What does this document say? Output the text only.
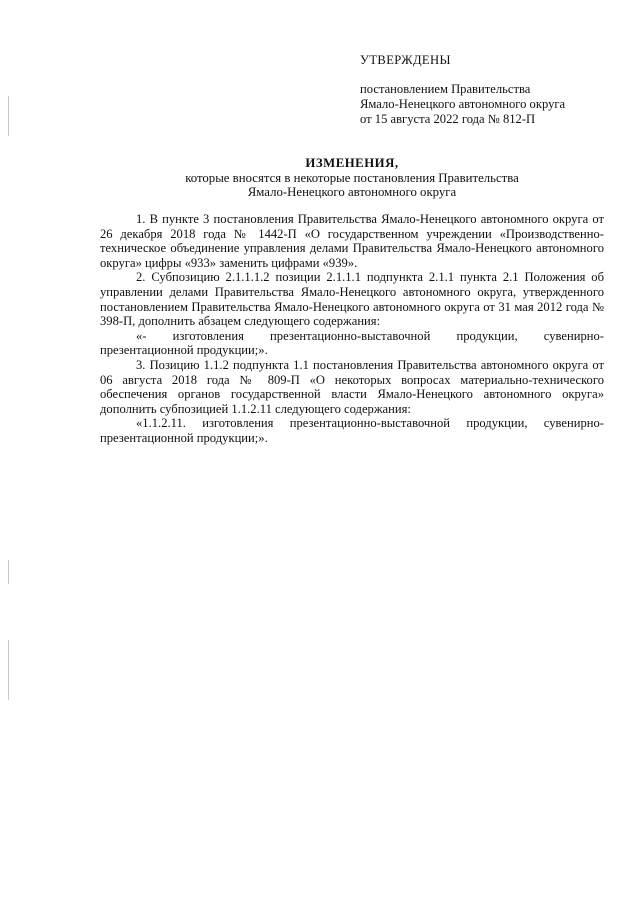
УТВЕРЖДЕНЫ
постановлением Правительства
Ямало-Ненецкого автономного округа
от 15 августа 2022 года № 812-П
ИЗМЕНЕНИЯ,
которые вносятся в некоторые постановления Правительства
Ямало-Ненецкого автономного округа

1. В пункте 3 постановления Правительства Ямало-Ненецкого автономного округа от 26 декабря 2018 года № 1442-П «О государственном учреждении «Производственно-техническое объединение управления делами Правительства Ямало-Ненецкого автономного округа» цифры «933» заменить цифрами «939».

2. Субпозицию 2.1.1.1.2 позиции 2.1.1.1 подпункта 2.1.1 пункта 2.1 Положения об управлении делами Правительства Ямало-Ненецкого автономного округа, утвержденного постановлением Правительства Ямало-Ненецкого автономного округа от 31 мая 2012 года № 398-П, дополнить абзацем следующего содержания:

«- изготовления презентационно-выставочной продукции, сувенирно-презентационной продукции;».

3. Позицию 1.1.2 подпункта 1.1 постановления Правительства автономного округа от 06 августа 2018 года № 809-П «О некоторых вопросах материально-технического обеспечения органов государственной власти Ямало-Ненецкого автономного округа» дополнить субпозицией 1.1.2.11 следующего содержания:

«1.1.2.11. изготовления презентационно-выставочной продукции, сувенирно-презентационной продукции;».
